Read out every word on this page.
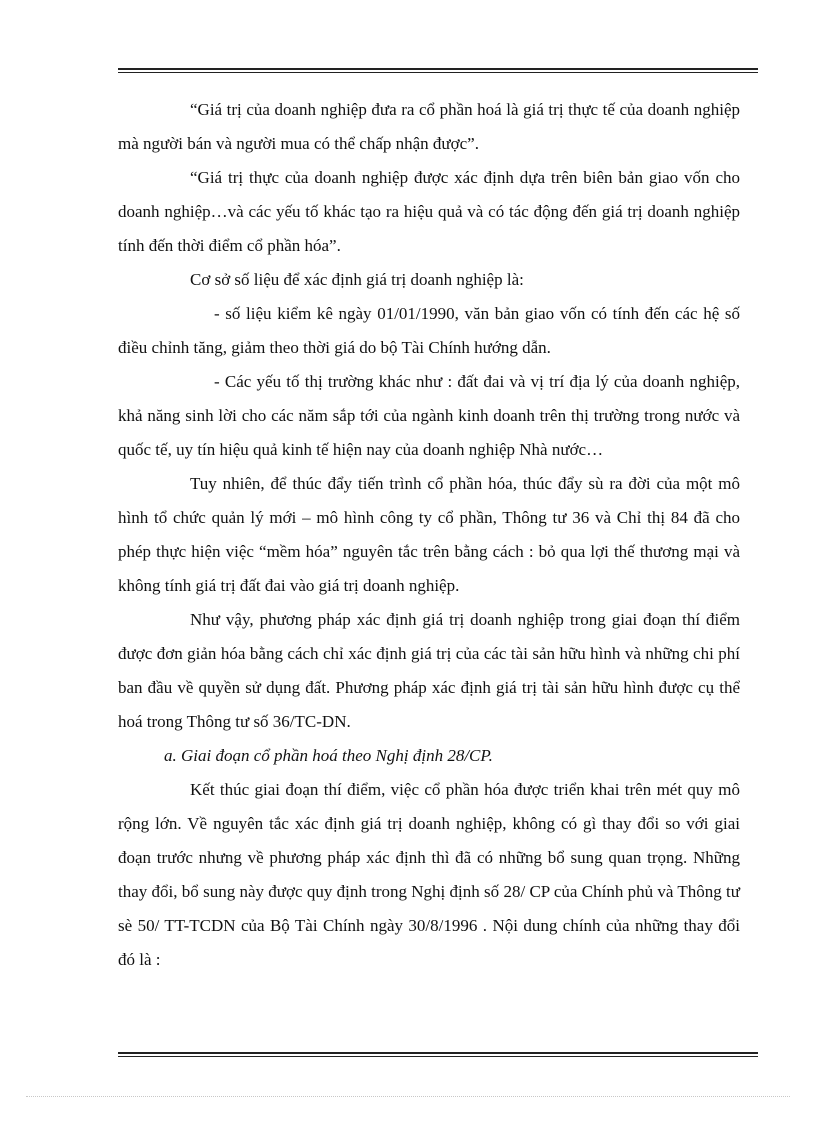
“Giá trị của doanh nghiệp đưa ra cổ phần hoá là giá trị thực tế của doanh nghiệp mà người bán và người mua có thể chấp nhận được”.

“Giá trị thực của doanh nghiệp được xác định dựa trên biên bản giao vốn cho doanh nghiệp…và các yếu tố khác tạo ra hiệu quả và có tác động đến giá trị doanh nghiệp tính đến thời điểm cổ phần hóa”.

Cơ sở số liệu để xác định giá trị doanh nghiệp là:

- số liệu kiểm kê ngày 01/01/1990, văn bản giao vốn có tính đến các hệ số điều chỉnh tăng, giảm theo thời giá do bộ Tài Chính hướng dẫn.

- Các yếu tố thị trường khác như : đất đai và vị trí địa lý của doanh nghiệp, khả năng sinh lời cho các năm sắp tới của ngành kinh doanh trên thị trường trong nước và quốc tế, uy tín hiệu quả kinh tế hiện nay của doanh nghiệp Nhà nước…

Tuy nhiên, để thúc đẩy tiến trình cổ phần hóa, thúc đẩy sù ra đời của một mô hình tổ chức quản lý mới – mô hình công ty cổ phần, Thông tư 36 và Chỉ thị 84 đã cho phép thực hiện việc “mềm hóa” nguyên tắc trên bằng cách : bỏ qua lợi thế thương mại và không tính giá trị đất đai vào giá trị doanh nghiệp.

Như vậy, phương pháp xác định giá trị doanh nghiệp trong giai đoạn thí điểm được đơn giản hóa bằng cách chỉ xác định giá trị của các tài sản hữu hình và những chi phí ban đầu về quyền sử dụng đất. Phương pháp xác định giá trị tài sản hữu hình được cụ thể hoá trong Thông tư số 36/TC-DN.

a. Giai đoạn cổ phần hoá theo Nghị định 28/CP.

Kết thúc giai đoạn thí điểm, việc cổ phần hóa được triển khai trên mét quy mô rộng lớn. Về nguyên tắc xác định giá trị doanh nghiệp, không có gì thay đổi so với giai đoạn trước nhưng về phương pháp xác định thì đã có những bổ sung quan trọng. Những thay đổi, bổ sung này được quy định trong Nghị định số 28/ CP của Chính phủ và Thông tư sè 50/ TT-TCDN của Bộ Tài Chính ngày 30/8/1996 . Nội dung chính của những thay đổi đó là :
